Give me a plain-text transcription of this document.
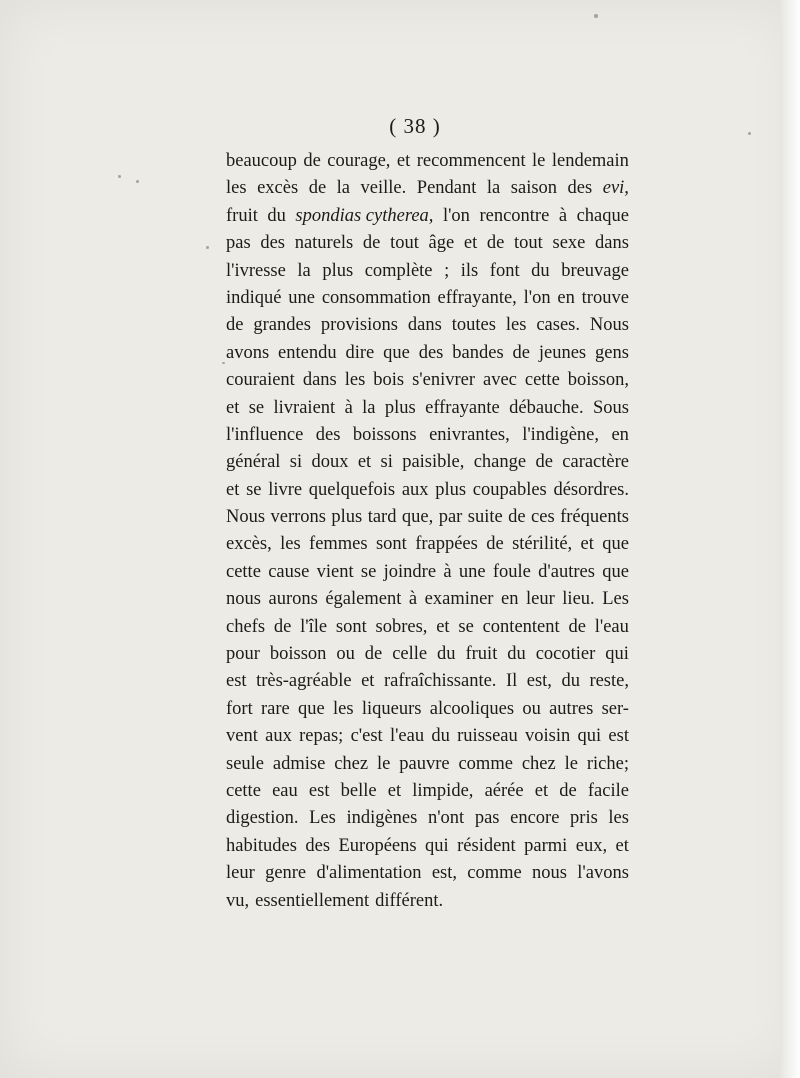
( 38 )
beaucoup de courage, et recommencent le lendemain
les excès de la veille. Pendant la saison des evi,
fruit du spondias cytherea, l'on rencontre à chaque
pas des naturels de tout âge et de tout sexe dans
l'ivresse la plus complète ; ils font du breuvage
indiqué une consommation effrayante, l'on en trouve
de grandes provisions dans toutes les cases. Nous
avons entendu dire que des bandes de jeunes gens
couraient dans les bois s'enivrer avec cette boisson,
et se livraient à la plus effrayante débauche. Sous
l'influence des boissons enivrantes, l'indigène, en
général si doux et si paisible, change de caractère
et se livre quelquefois aux plus coupables désordres.
Nous verrons plus tard que, par suite de ces fréquents
excès, les femmes sont frappées de stérilité, et que
cette cause vient se joindre à une foule d'autres que
nous aurons également à examiner en leur lieu. Les
chefs de l'île sont sobres, et se contentent de l'eau
pour boisson ou de celle du fruit du cocotier qui
est très-agréable et rafraîchissante. Il est, du reste,
fort rare que les liqueurs alcooliques ou autres ser-
vent aux repas; c'est l'eau du ruisseau voisin qui est
seule admise chez le pauvre comme chez le riche;
cette eau est belle et limpide, aérée et de facile
digestion. Les indigènes n'ont pas encore pris les
habitudes des Européens qui résident parmi eux, et
leur genre d'alimentation est, comme nous l'avons
vu, essentiellement différent.
